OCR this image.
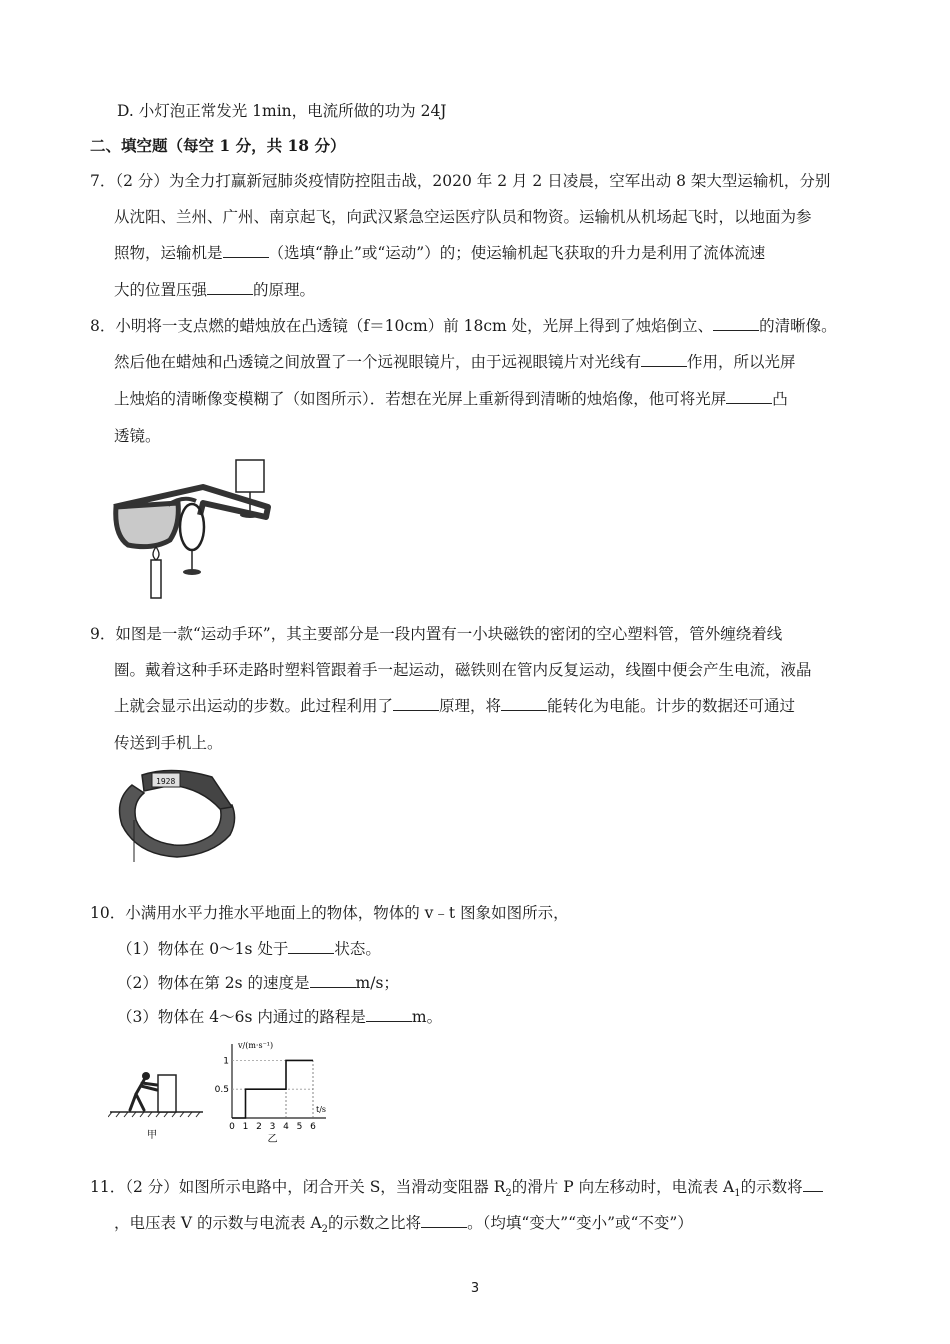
D. 小灯泡正常发光 1min，电流所做的功为 24J
二、填空题（每空 1 分，共 18 分）
7．（2 分）为全力打赢新冠肺炎疫情防控阻击战，2020 年 2 月 2 日凌晨，空军出动 8 架大型运输机，分别
从沈阳、兰州、广州、南京起飞，向武汉紧急空运医疗队员和物资。运输机从机场起飞时，以地面为参
照物，运输机是	（选填“静止”或“运动”）的；使运输机起飞获取的升力是利用了流体流速
大的位置压强	的原理。
8．小明将一支点燃的蜡烛放在凸透镜（f＝10cm）前 18cm 处，光屏上得到了烛焰倒立、	的清晰像。
然后他在蜡烛和凸透镜之间放置了一个远视眼镜片，由于远视眼镜片对光线有	作用，所以光屏
上烛焰的清晰像变模糊了（如图所示）．若想在光屏上重新得到清晰的烛焰像，他可将光屏	凸
透镜。
9．如图是一款“运动手环”，其主要部分是一段内置有一小块磁铁的密闭的空心塑料管，管外缠绕着线
圈。戴着这种手环走路时塑料管跟着手一起运动，磁铁则在管内反复运动，线圈中便会产生电流，液晶
上就会显示出运动的步数。此过程利用了	原理，将	能转化为电能。计步的数据还可通过
传送到手机上。
1928
10．小满用水平力推水平地面上的物体，物体的 v﹣t 图象如图所示，
（1）物体在 0～1s 处于	状态。
（2）物体在第 2s 的速度是	m/s；
（3）物体在 4～6s 内通过的路程是	m。
甲
v/(m·s⁻¹)
t/s
0 1 2 3 4 5 6
1
0.5
乙
11．（2 分）如图所示电路中，闭合开关 S，当滑动变阻器 $R_2$的滑片 P 向左移动时，电流表 $A_1$的示数将
，电压表 V 的示数与电流表 $A_2$的示数之比将	。（均填“变大”“变小”或“不变”）
3
